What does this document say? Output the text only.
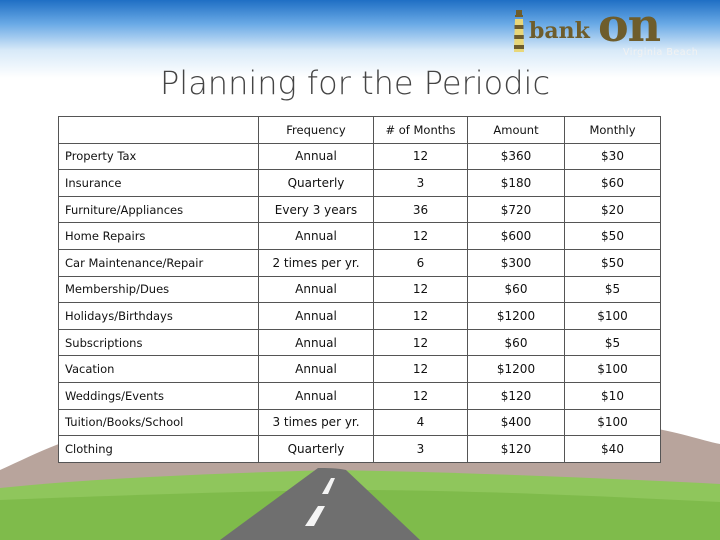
bank on
Virginia Beach
Planning for the Periodic
	Frequency	# of Months	Amount	Monthly
Property Tax	Annual	12	$360	$30
Insurance	Quarterly	3	$180	$60
Furniture/Appliances	Every 3 years	36	$720	$20
Home Repairs	Annual	12	$600	$50
Car Maintenance/Repair	2 times per yr.	6	$300	$50
Membership/Dues	Annual	12	$60	$5
Holidays/Birthdays	Annual	12	$1200	$100
Subscriptions	Annual	12	$60	$5
Vacation	Annual	12	$1200	$100
Weddings/Events	Annual	12	$120	$10
Tuition/Books/School	3 times per yr.	4	$400	$100
Clothing	Quarterly	3	$120	$40
